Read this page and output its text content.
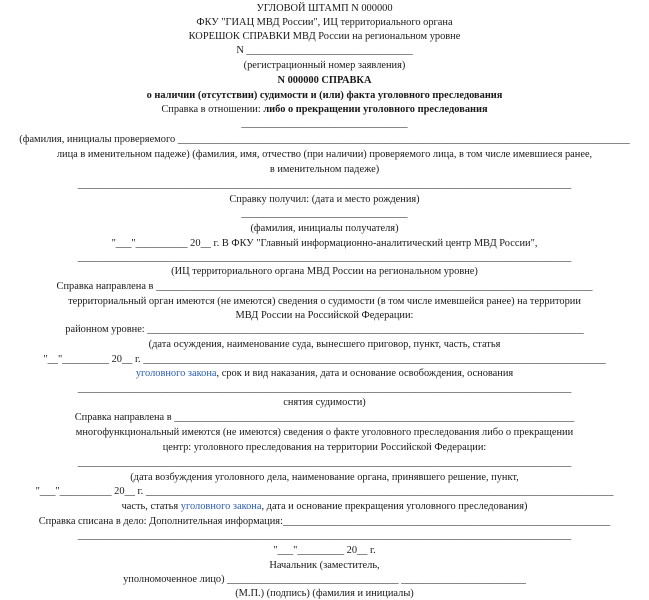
УГЛОВОЙ ШТАМП N 000000
ФКУ "ГИАЦ МВД России", ИЦ территориального органа
КОРЕШОК СПРАВКИ МВД России на региональном уровне
N ________________________________
(регистрационный номер заявления)
N 000000 СПРАВКА
о наличии (отсутствии) судимости и (или) факта уголовного преследования
Справка в отношении: либо о прекращении уголовного преследования
________________________________
(фамилия, инициалы проверяемого _______________________________________________________________________________________
лица в именительном падеже) (фамилия, имя, отчество (при наличии) проверяемого лица, в том числе имевшиеся ранее,
в именительном падеже)
_______________________________________________________________________________________________
Справку получил: (дата и место рождения)
________________________________
(фамилия, инициалы получателя)
"___"__________ 20__ г. В ФКУ "Главный информационно-аналитический центр МВД России",
_______________________________________________________________________________________________
(ИЦ территориального органа МВД России на региональном уровне)
Справка направлена в ____________________________________________________________________________________
территориальный орган имеются (не имеются) сведения о судимости (в том числе имевшейся ранее) на территории
МВД России на Российской Федерации:
районном уровне: ____________________________________________________________________________________
(дата осуждения, наименование суда, вынесшего приговор, пункт, часть, статья
"__"_________ 20__ г. _________________________________________________________________________________________
уголовного закона, срок и вид наказания, дата и основание освобождения, основания
_______________________________________________________________________________________________
снятия судимости)
Справка направлена в _____________________________________________________________________________
многофункциональный имеются (не имеются) сведения о факте уголовного преследования либо о прекращении
центр: уголовного преследования на территории Российской Федерации:
_______________________________________________________________________________________________
(дата возбуждения уголовного дела, наименование органа, принявшего решение, пункт,
"___"__________ 20__ г. __________________________________________________________________________________________
часть, статья уголовного закона, дата и основание прекращения уголовного преследования)
Справка списана в дело: Дополнительная информация:_______________________________________________________________
_______________________________________________________________________________________________
"___"_________ 20__ г.
Начальник (заместитель,
уполномоченное лицо) _________________________________ ________________________
(М.П.) (подпись) (фамилия и инициалы)
